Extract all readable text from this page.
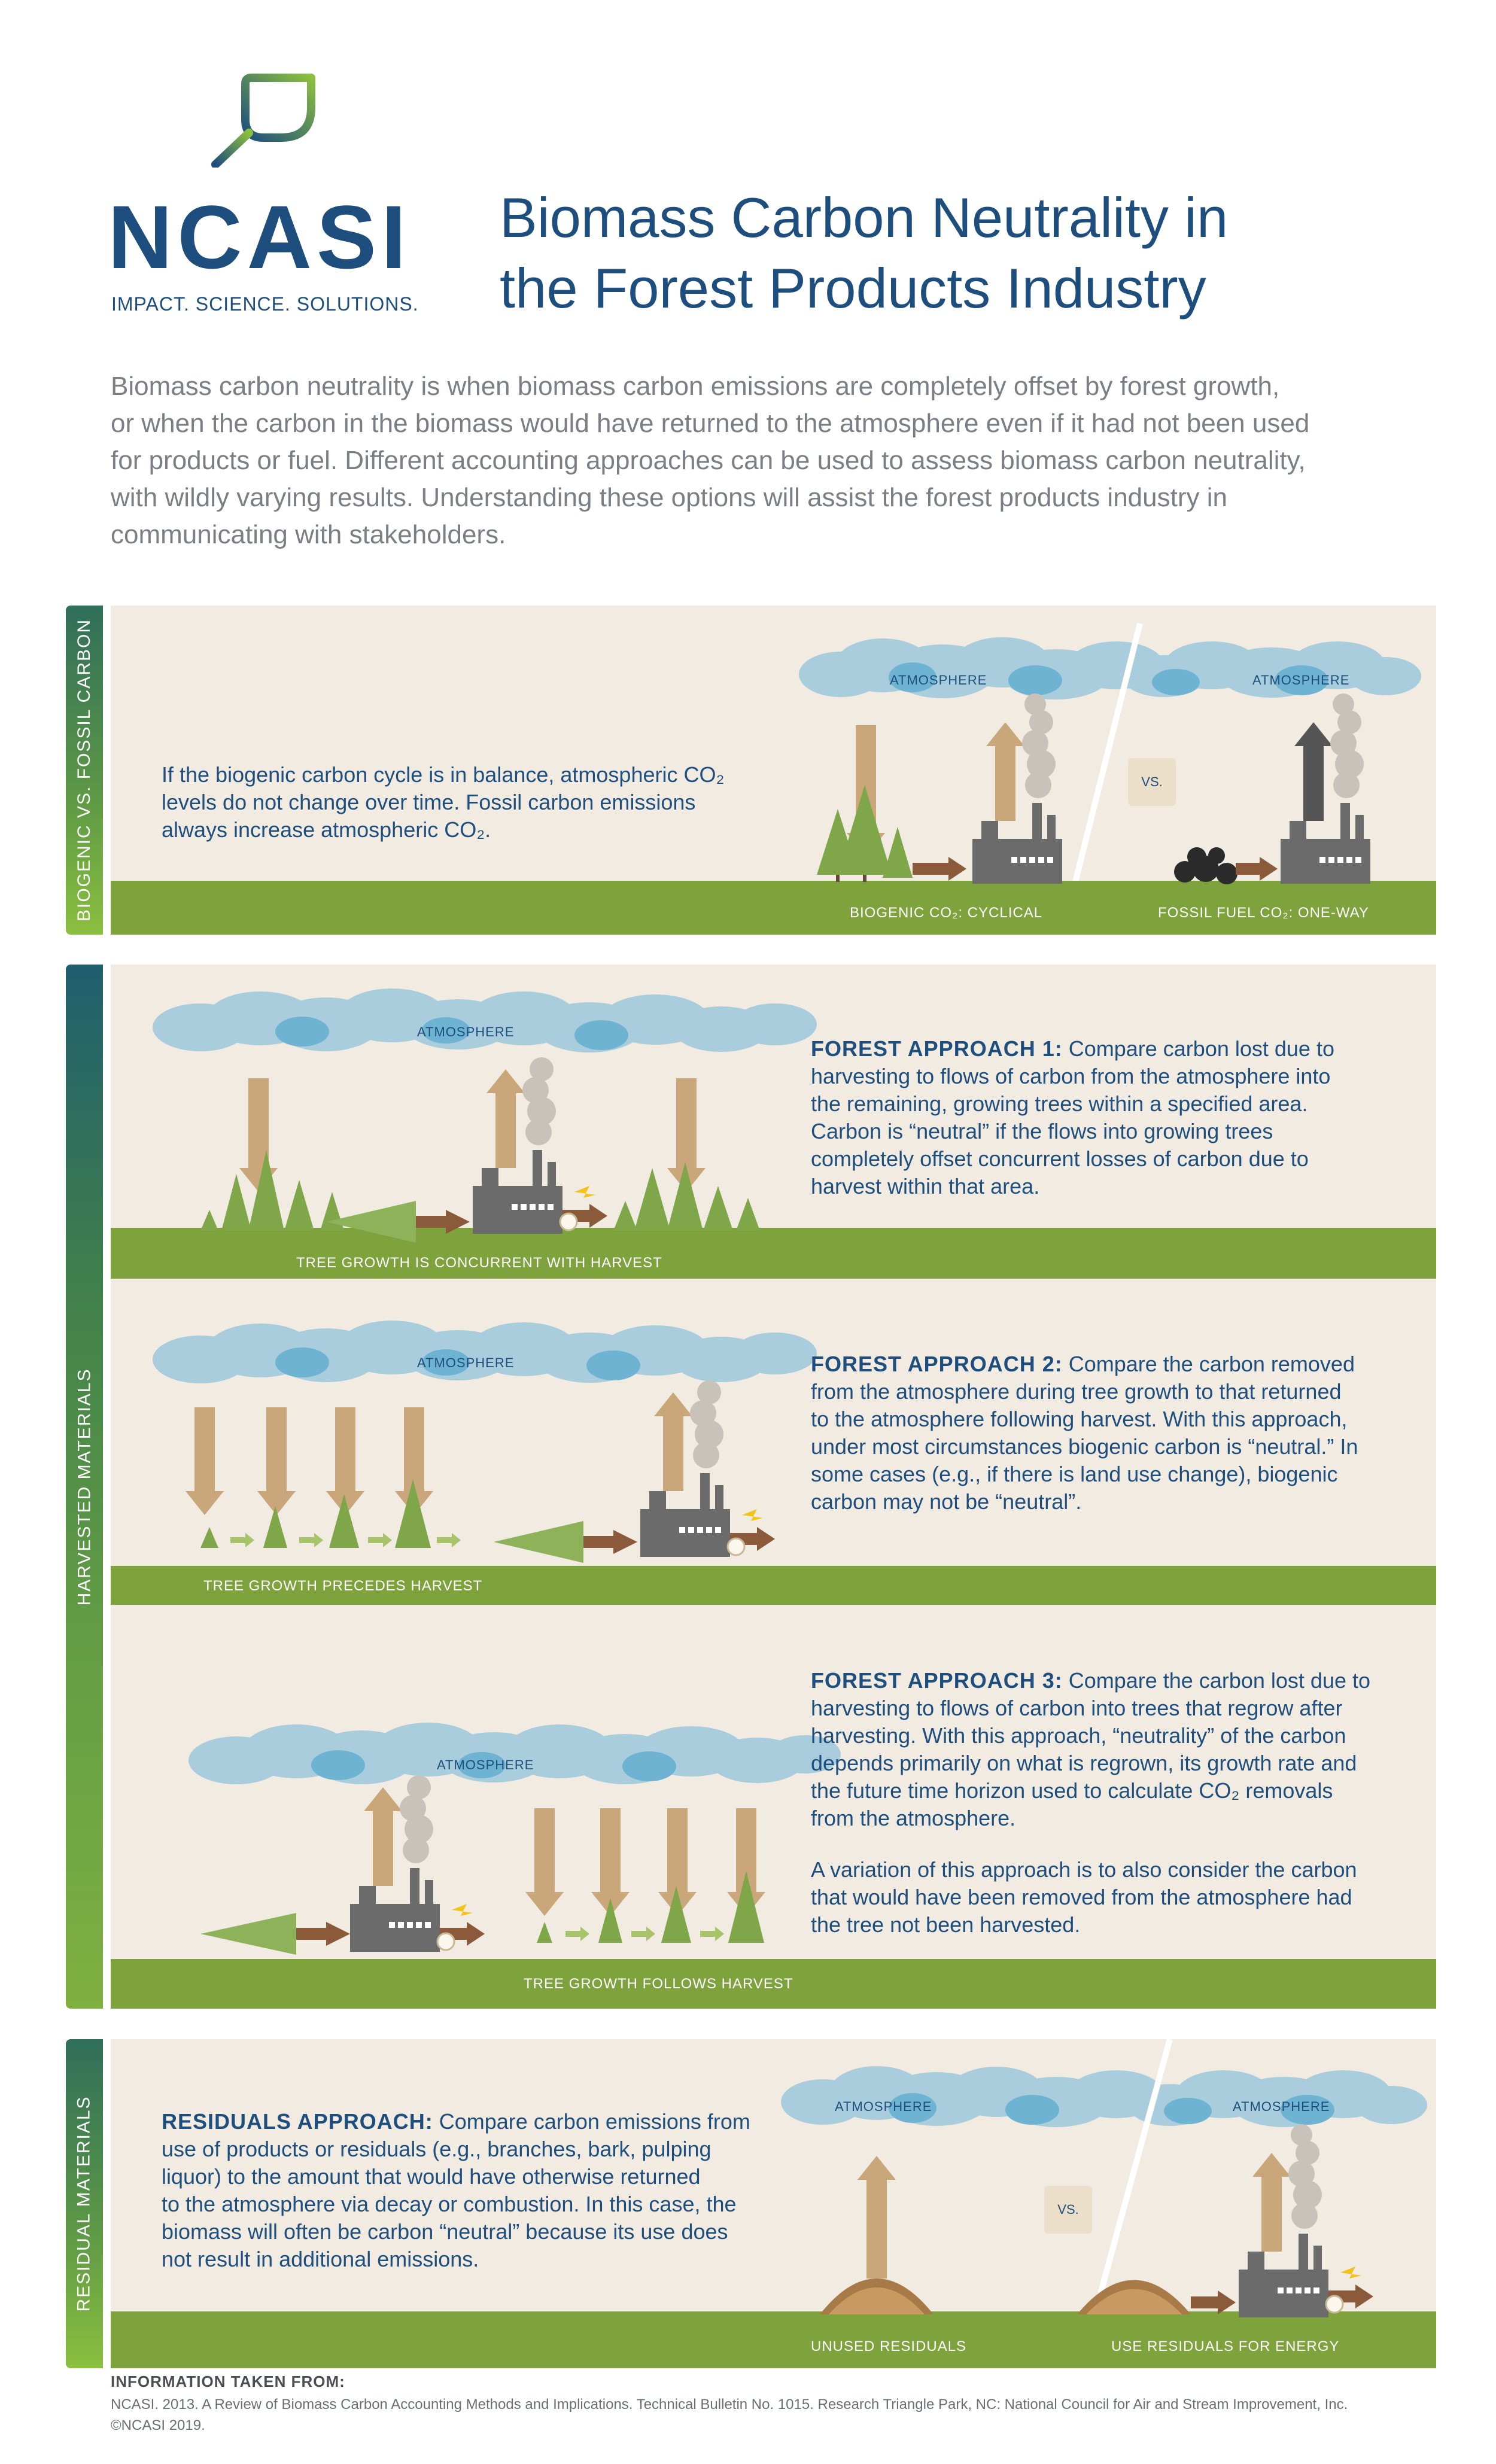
NCASI
IMPACT. SCIENCE. SOLUTIONS.
Biomass Carbon Neutrality in
the Forest Products Industry
Biomass carbon neutrality is when biomass carbon emissions are completely offset by forest growth,
or when the carbon in the biomass would have returned to the atmosphere even if it had not been used
for products or fuel. Different accounting approaches can be used to assess biomass carbon neutrality,
with wildly varying results. Understanding these options will assist the forest products industry in
communicating with stakeholders.
BIOGENIC VS. FOSSIL CARBON	ATMOSPHERE	ATMOSPHERE
VS.
If the biogenic carbon cycle is in balance, atmospheric CO₂
levels do not change over time. Fossil carbon emissions
always increase atmospheric CO₂.
BIOGENIC CO₂: CYCLICAL	FOSSIL FUEL CO₂: ONE-WAY
HARVESTED MATERIALS
ATMOSPHERE
TREE GROWTH IS CONCURRENT WITH HARVEST
FOREST APPROACH 1: Compare carbon lost due to
harvesting to flows of carbon from the atmosphere into
the remaining, growing trees within a specified area.
Carbon is “neutral” if the flows into growing trees
completely offset concurrent losses of carbon due to
harvest within that area.
ATMOSPHERE
TREE GROWTH PRECEDES HARVEST
FOREST APPROACH 2: Compare the carbon removed
from the atmosphere during tree growth to that returned
to the atmosphere following harvest. With this approach,
under most circumstances biogenic carbon is “neutral.” In
some cases (e.g., if there is land use change), biogenic
carbon may not be “neutral”.
ATMOSPHERE
TREE GROWTH FOLLOWS HARVEST
FOREST APPROACH 3: Compare the carbon lost due to
harvesting to flows of carbon into trees that regrow after
harvesting. With this approach, “neutrality” of the carbon
depends primarily on what is regrown, its growth rate and
the future time horizon used to calculate CO₂ removals
from the atmosphere.
A variation of this approach is to also consider the carbon
that would have been removed from the atmosphere had
the tree not been harvested.
RESIDUAL MATERIALS	ATMOSPHERE	ATMOSPHERE
VS.
RESIDUALS APPROACH: Compare carbon emissions from
use of products or residuals (e.g., branches, bark, pulping
liquor) to the amount that would have otherwise returned
to the atmosphere via decay or combustion. In this case, the
biomass will often be carbon “neutral” because its use does
not result in additional emissions.
UNUSED RESIDUALS	USE RESIDUALS FOR ENERGY
INFORMATION TAKEN FROM:
NCASI. 2013. A Review of Biomass Carbon Accounting Methods and Implications. Technical Bulletin No. 1015. Research Triangle Park, NC: National Council for Air and Stream Improvement, Inc.
©NCASI 2019.
